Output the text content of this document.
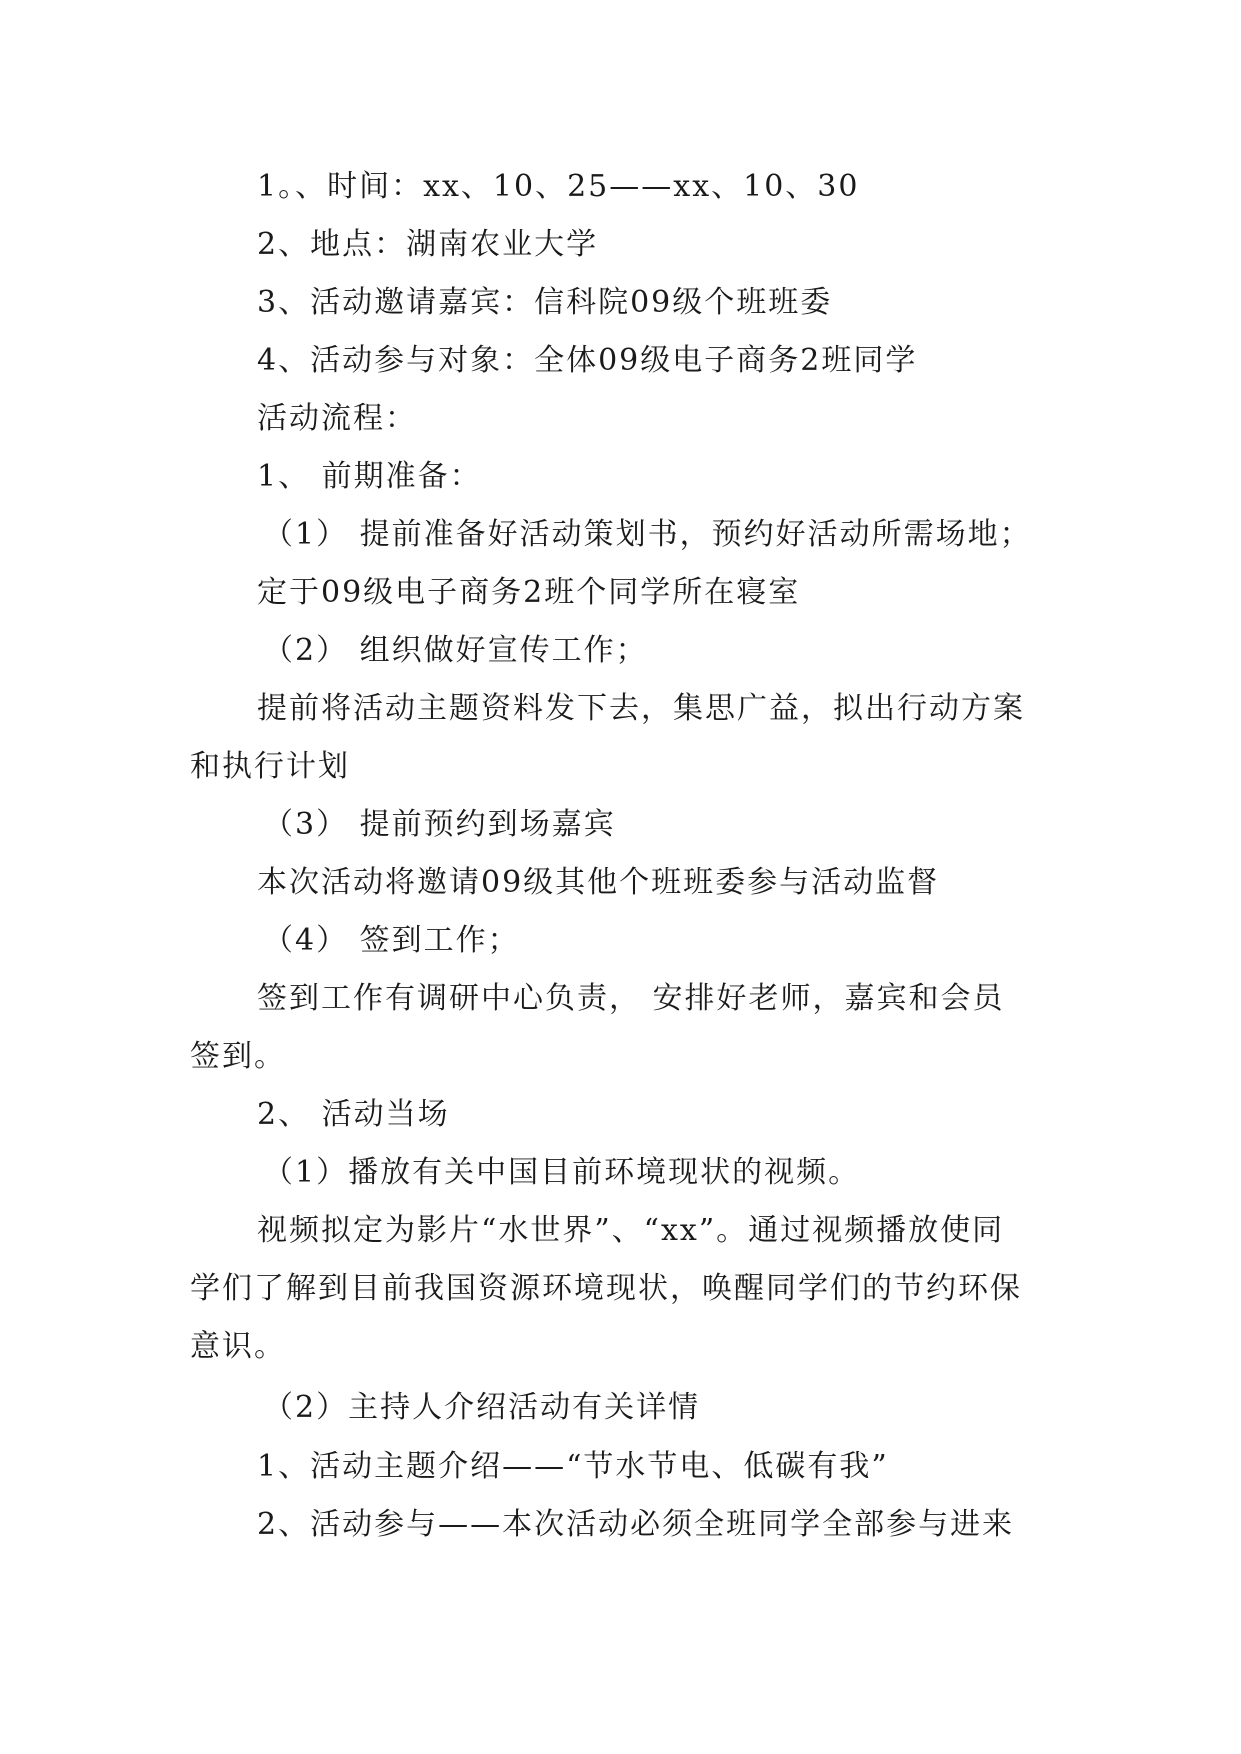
1。、时间：xx、10、25——xx、10、30
2、地点：湖南农业大学
3、活动邀请嘉宾：信科院09级个班班委
4、活动参与对象：全体09级电子商务2班同学
活动流程：
1、 前期准备：
（1） 提前准备好活动策划书，预约好活动所需场地；
定于09级电子商务2班个同学所在寝室
（2） 组织做好宣传工作；
提前将活动主题资料发下去，集思广益，拟出行动方案
和执行计划
（3） 提前预约到场嘉宾
本次活动将邀请09级其他个班班委参与活动监督
（4） 签到工作；
签到工作有调研中心负责， 安排好老师，嘉宾和会员
签到。
2、 活动当场
（1）播放有关中国目前环境现状的视频。
视频拟定为影片“水世界”、“xx”。通过视频播放使同
学们了解到目前我国资源环境现状，唤醒同学们的节约环保
意识。
（2）主持人介绍活动有关详情
1、活动主题介绍——“节水节电、低碳有我”
2、活动参与——本次活动必须全班同学全部参与进来
